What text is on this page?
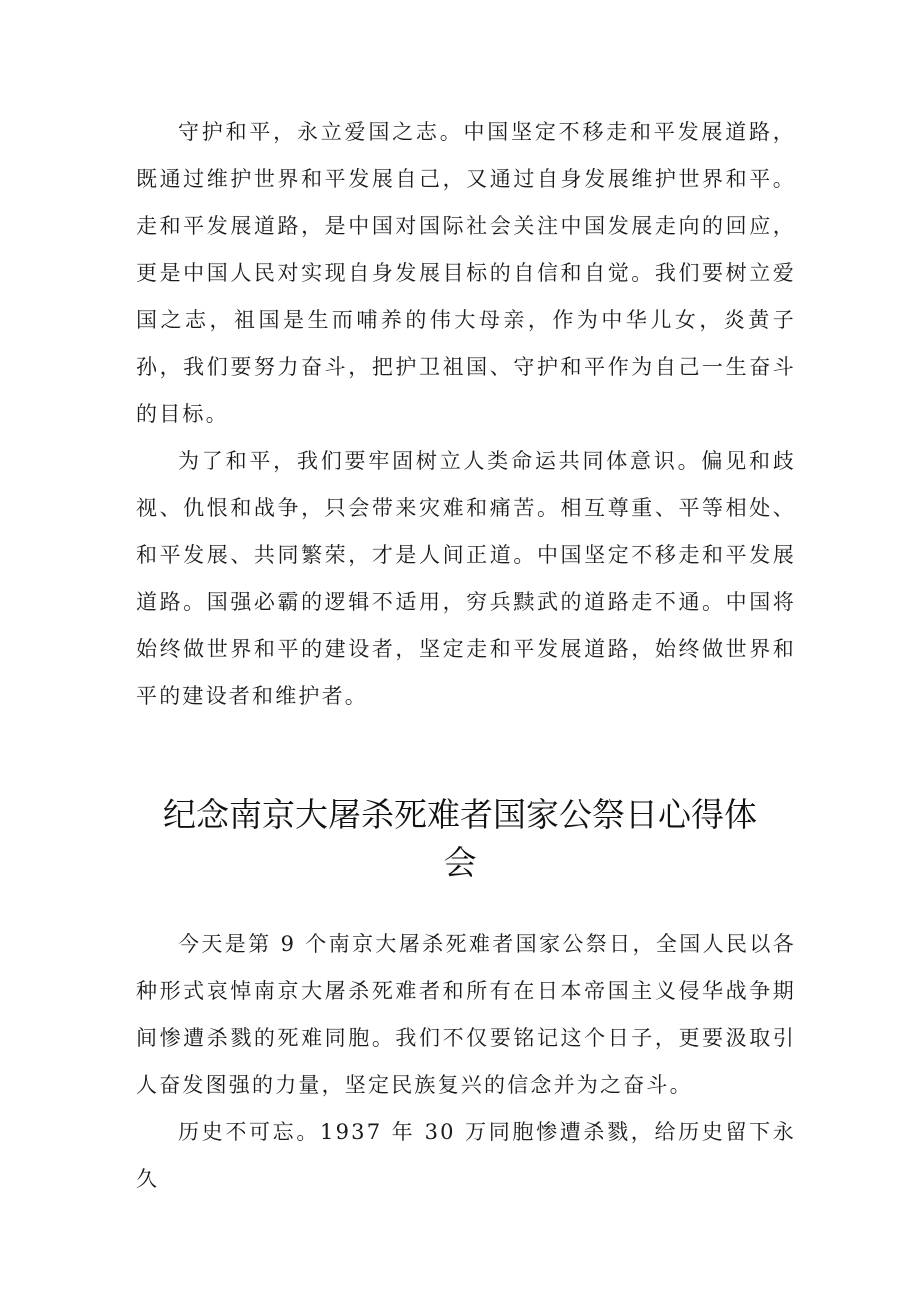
守护和平，永立爱国之志。中国坚定不移走和平发展道路，既通过维护世界和平发展自己，又通过自身发展维护世界和平。走和平发展道路，是中国对国际社会关注中国发展走向的回应，更是中国人民对实现自身发展目标的自信和自觉。我们要树立爱国之志，祖国是生而哺养的伟大母亲，作为中华儿女，炎黄子孙，我们要努力奋斗，把护卫祖国、守护和平作为自己一生奋斗的目标。

为了和平，我们要牢固树立人类命运共同体意识。偏见和歧视、仇恨和战争，只会带来灾难和痛苦。相互尊重、平等相处、和平发展、共同繁荣，才是人间正道。中国坚定不移走和平发展道路。国强必霸的逻辑不适用，穷兵黩武的道路走不通。中国将始终做世界和平的建设者，坚定走和平发展道路，始终做世界和平的建设者和维护者。

纪念南京大屠杀死难者国家公祭日心得体会

今天是第 9 个南京大屠杀死难者国家公祭日，全国人民以各种形式哀悼南京大屠杀死难者和所有在日本帝国主义侵华战争期间惨遭杀戮的死难同胞。我们不仅要铭记这个日子，更要汲取引人奋发图强的力量，坚定民族复兴的信念并为之奋斗。

历史不可忘。1937 年 30 万同胞惨遭杀戮，给历史留下永久
